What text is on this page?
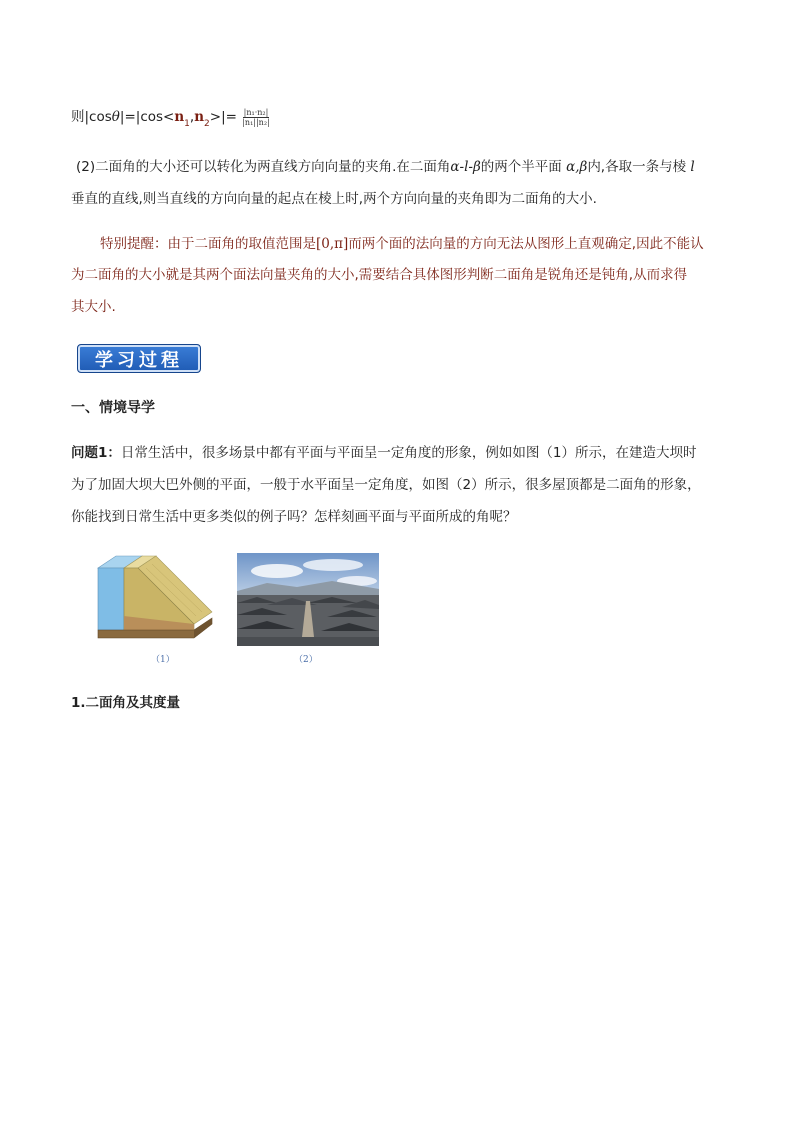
则$|\cos\theta|=|\cos<n_1,n_2>|= \frac{\text{|n₁·n₂|}}{\text{|n₁||n₂|}}$
(2)二面角的大小还可以转化为两直线方向向量的夹角.在二面角α-l-β的两个半平面 α,β内,各取一条与棱 l
垂直的直线,则当直线的方向向量的起点在棱上时,两个方向向量的夹角即为二面角的大小.
特别提醒：由于二面角的取值范围是[0,π]而两个面的法向量的方向无法从图形上直观确定,因此不能认
为二面角的大小就是其两个面法向量夹角的大小,需要结合具体图形判断二面角是锐角还是钝角,从而求得
其大小.
学习过程
一、情境导学
问题1：日常生活中，很多场景中都有平面与平面呈一定角度的形象，例如如图（1）所示，在建造大坝时
为了加固大坝大巴外侧的平面，一般于水平面呈一定角度，如图（2）所示，很多屋顶都是二面角的形象，
你能找到日常生活中更多类似的例子吗？怎样刻画平面与平面所成的角呢？
（1）	（2）
1.二面角及其度量
